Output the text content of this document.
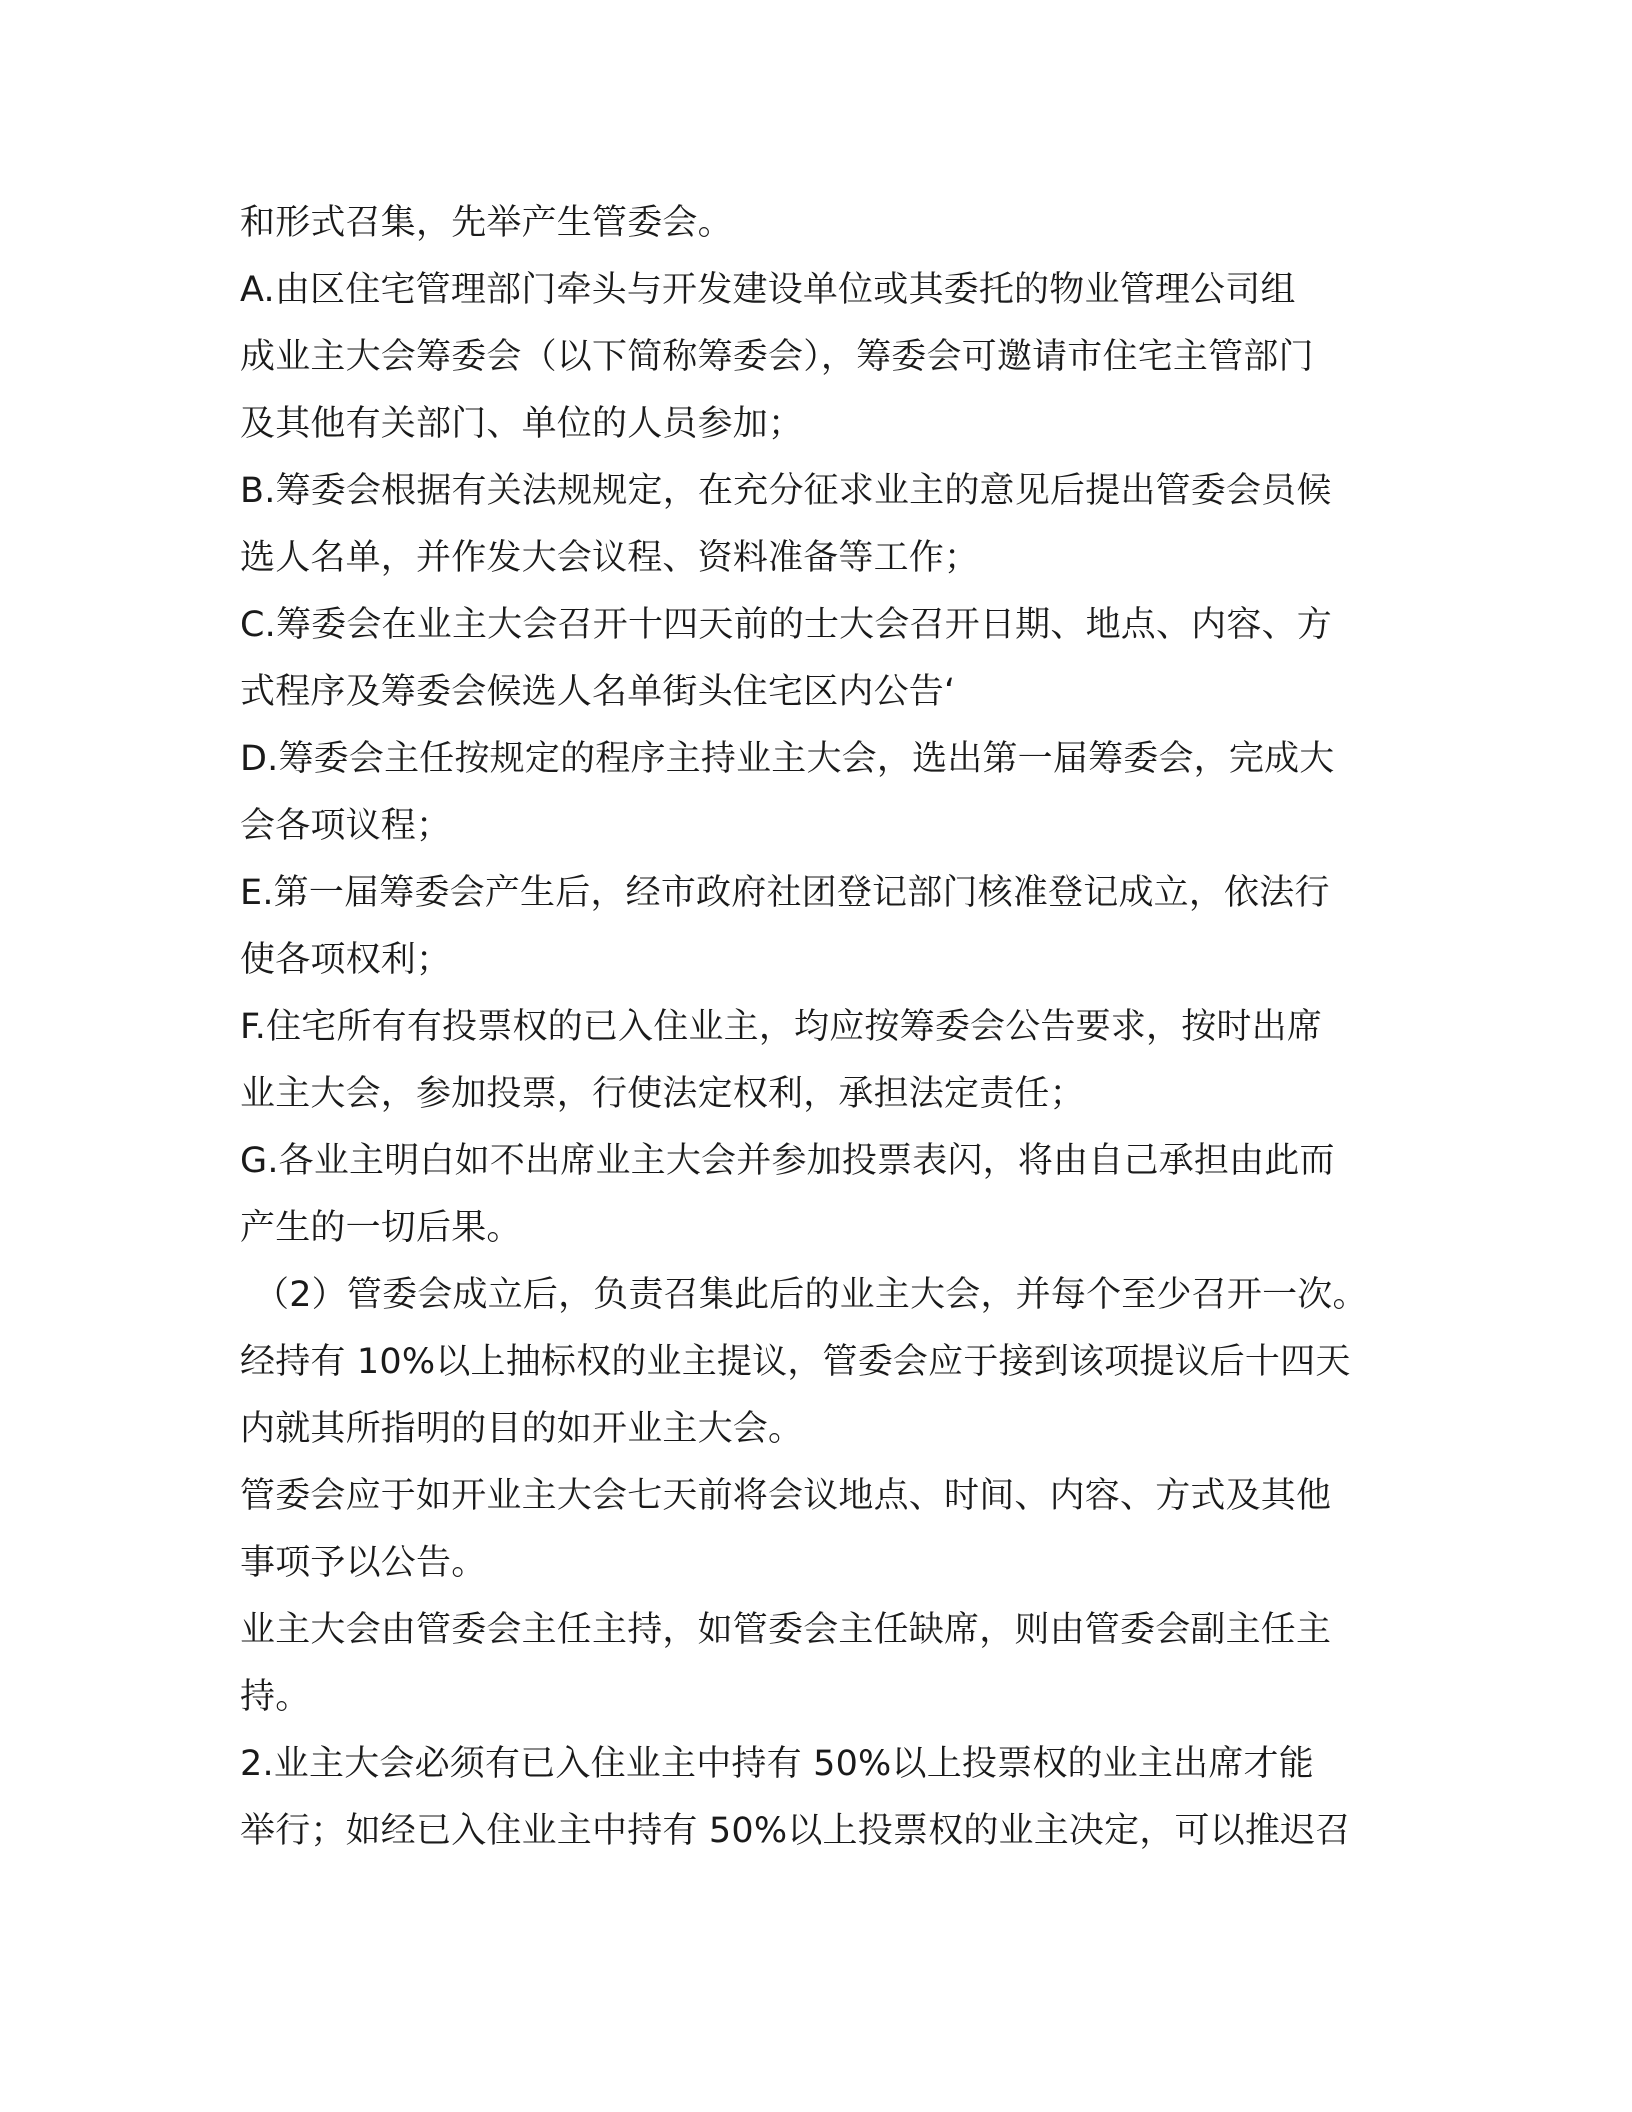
和形式召集，先举产生管委会。
A.由区住宅管理部门牵头与开发建设单位或其委托的物业管理公司组
成业主大会筹委会（以下简称筹委会），筹委会可邀请市住宅主管部门
及其他有关部门、单位的人员参加；
B.筹委会根据有关法规规定，在充分征求业主的意见后提出管委会员候
选人名单，并作发大会议程、资料准备等工作；
C.筹委会在业主大会召开十四天前的士大会召开日期、地点、内容、方
式程序及筹委会候选人名单街头住宅区内公告‘
D.筹委会主任按规定的程序主持业主大会，选出第一届筹委会，完成大
会各项议程；
E.第一届筹委会产生后，经市政府社团登记部门核准登记成立，依法行
使各项权利；
F.住宅所有有投票权的已入住业主，均应按筹委会公告要求，按时出席
业主大会，参加投票，行使法定权利，承担法定责任；
G.各业主明白如不出席业主大会并参加投票表闪，将由自己承担由此而
产生的一切后果。
（2）管委会成立后，负责召集此后的业主大会，并每个至少召开一次。
经持有 10%以上抽标权的业主提议，管委会应于接到该项提议后十四天
内就其所指明的目的如开业主大会。
管委会应于如开业主大会七天前将会议地点、时间、内容、方式及其他
事项予以公告。
业主大会由管委会主任主持，如管委会主任缺席，则由管委会副主任主
持。
2.业主大会必须有已入住业主中持有 50%以上投票权的业主出席才能
举行；如经已入住业主中持有 50%以上投票权的业主决定，可以推迟召
